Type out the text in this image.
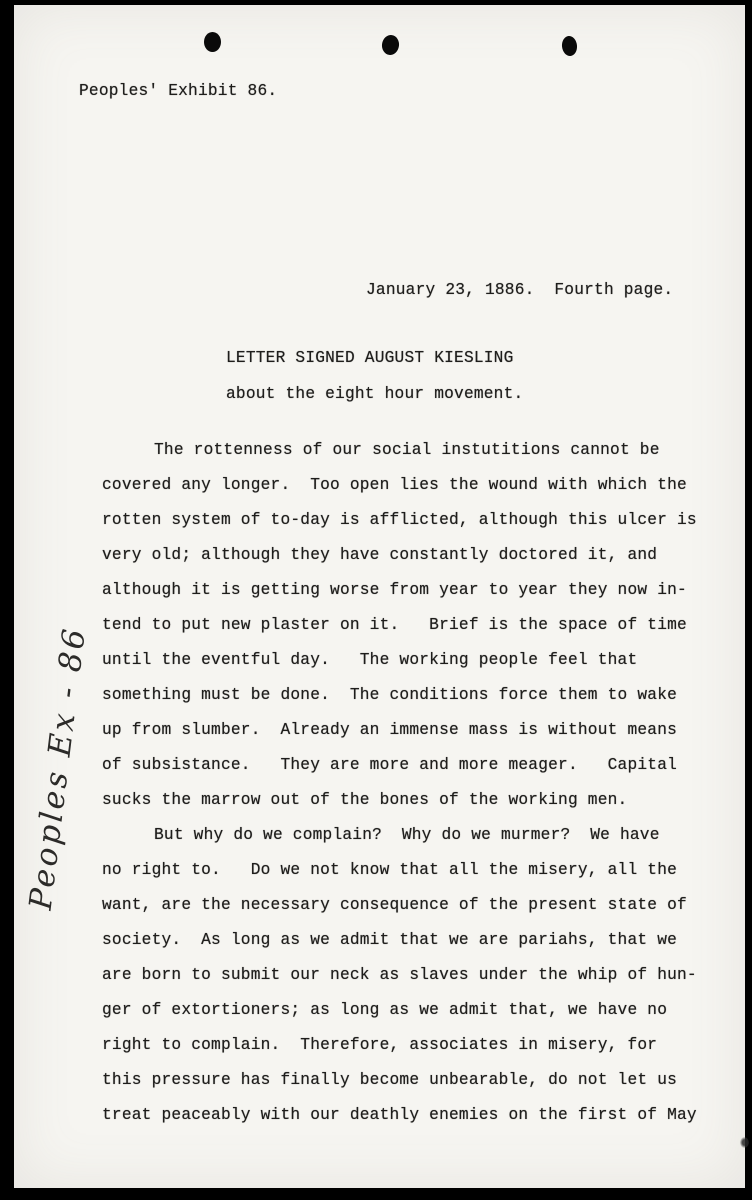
Peoples' Exhibit 86.
January 23, 1886.  Fourth page.
LETTER SIGNED AUGUST KIESLING
about the eight hour movement.
The rottenness of our social instutitions cannot be
covered any longer.  Too open lies the wound with which the
rotten system of to-day is afflicted, although this ulcer is
very old; although they have constantly doctored it, and
although it is getting worse from year to year they now in-
tend to put new plaster on it.   Brief is the space of time
until the eventful day.   The working people feel that
something must be done.  The conditions force them to wake
up from slumber.  Already an immense mass is without means
of subsistance.   They are more and more meager.   Capital
sucks the marrow out of the bones of the working men.
But why do we complain?  Why do we murmer?  We have
no right to.   Do we not know that all the misery, all the
want, are the necessary consequence of the present state of
society.  As long as we admit that we are pariahs, that we
are born to submit our neck as slaves under the whip of hun-
ger of extortioners; as long as we admit that, we have no
right to complain.  Therefore, associates in misery, for
this pressure has finally become unbearable, do not let us
treat peaceably with our deathly enemies on the first of May
Peoples Ex - 86
